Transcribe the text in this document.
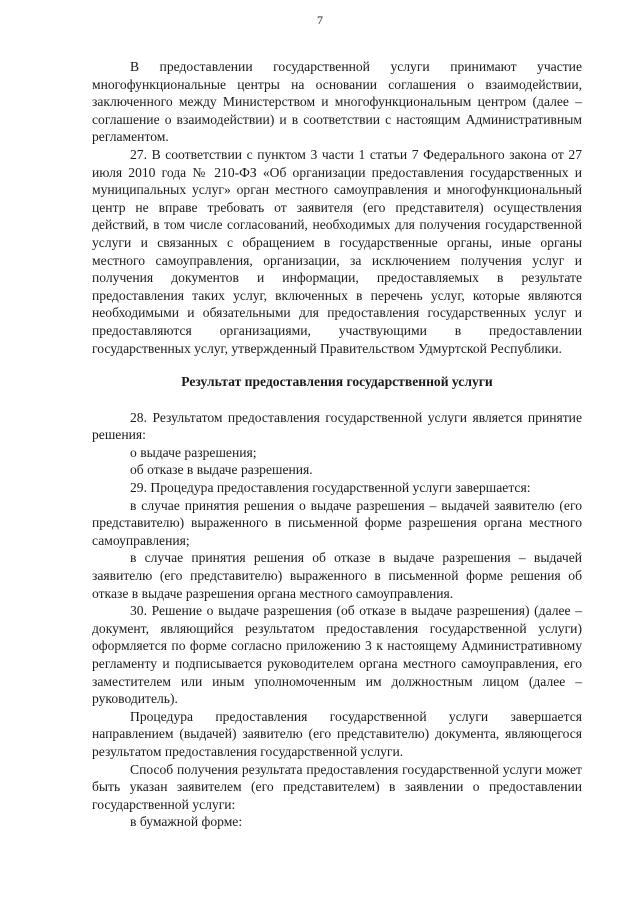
7

В предоставлении государственной услуги принимают участие многофункциональные центры на основании соглашения о взаимодействии, заключенного между Министерством и многофункциональным центром (далее – соглашение о взаимодействии) и в соответствии с настоящим Административным регламентом.

27. В соответствии с пунктом 3 части 1 статьи 7 Федерального закона от 27 июля 2010 года № 210-ФЗ «Об организации предоставления государственных и муниципальных услуг» орган местного самоуправления и многофункциональный центр не вправе требовать от заявителя (его представителя) осуществления действий, в том числе согласований, необходимых для получения государственной услуги и связанных с обращением в государственные органы, иные органы местного самоуправления, организации, за исключением получения услуг и получения документов и информации, предоставляемых в результате предоставления таких услуг, включенных в перечень услуг, которые являются необходимыми и обязательными для предоставления государственных услуг и предоставляются организациями, участвующими в предоставлении государственных услуг, утвержденный Правительством Удмуртской Республики.

Результат предоставления государственной услуги

28. Результатом предоставления государственной услуги является принятие решения:

о выдаче разрешения;

об отказе в выдаче разрешения.

29. Процедура предоставления государственной услуги завершается:

в случае принятия решения о выдаче разрешения – выдачей заявителю (его представителю) выраженного в письменной форме разрешения органа местного самоуправления;

в случае принятия решения об отказе в выдаче разрешения – выдачей заявителю (его представителю) выраженного в письменной форме решения об отказе в выдаче разрешения органа местного самоуправления.

30. Решение о выдаче разрешения (об отказе в выдаче разрешения) (далее – документ, являющийся результатом предоставления государственной услуги) оформляется по форме согласно приложению 3 к настоящему Административному регламенту и подписывается руководителем органа местного самоуправления, его заместителем или иным уполномоченным им должностным лицом (далее – руководитель).

Процедура предоставления государственной услуги завершается направлением (выдачей) заявителю (его представителю) документа, являющегося результатом предоставления государственной услуги.

Способ получения результата предоставления государственной услуги может быть указан заявителем (его представителем) в заявлении о предоставлении государственной услуги:

в бумажной форме:
